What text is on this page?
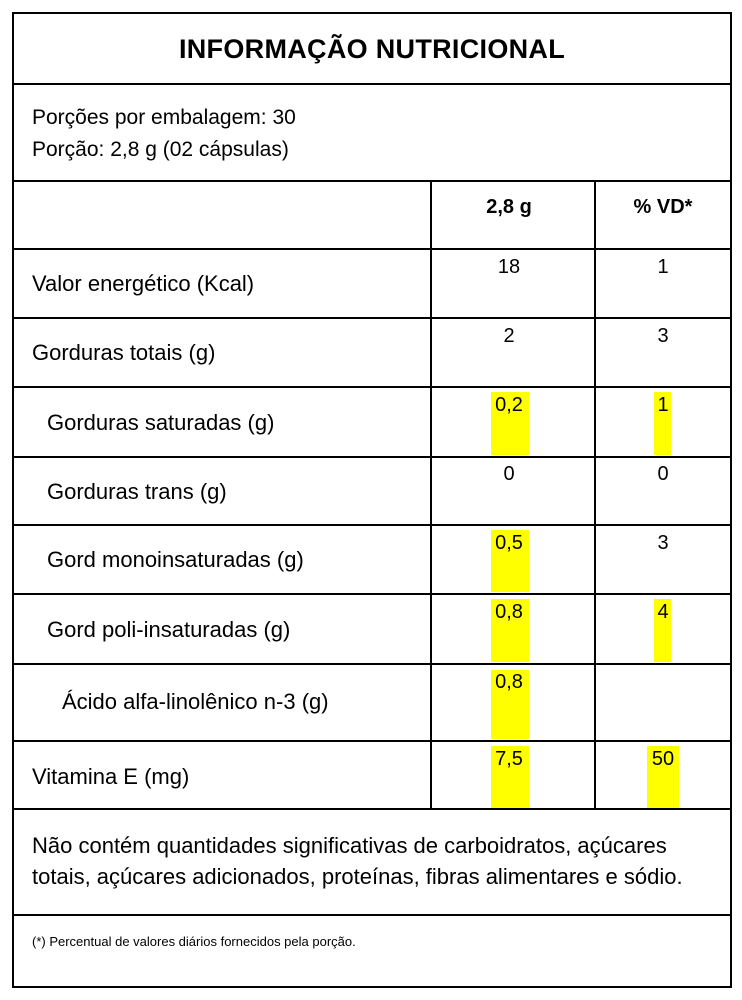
INFORMAÇÃO NUTRICIONAL
Porções por embalagem: 30
Porção: 2,8 g (02 cápsulas)
2,8 g	% VD*
Valor energético (Kcal)
18	1
Gorduras totais (g)
2	3
Gorduras saturadas (g)
0,2	1
Gorduras trans (g)
0	0
Gord monoinsaturadas (g)
0,5	3
Gord poli-insaturadas (g)
0,8	4
Ácido alfa-linolênico n-3 (g)
0,8
Vitamina E (mg)
7,5	50
Não contém quantidades significativas de carboidratos, açúcares totais, açúcares adicionados, proteínas, fibras alimentares e sódio.
(*) Percentual de valores diários fornecidos pela porção.
